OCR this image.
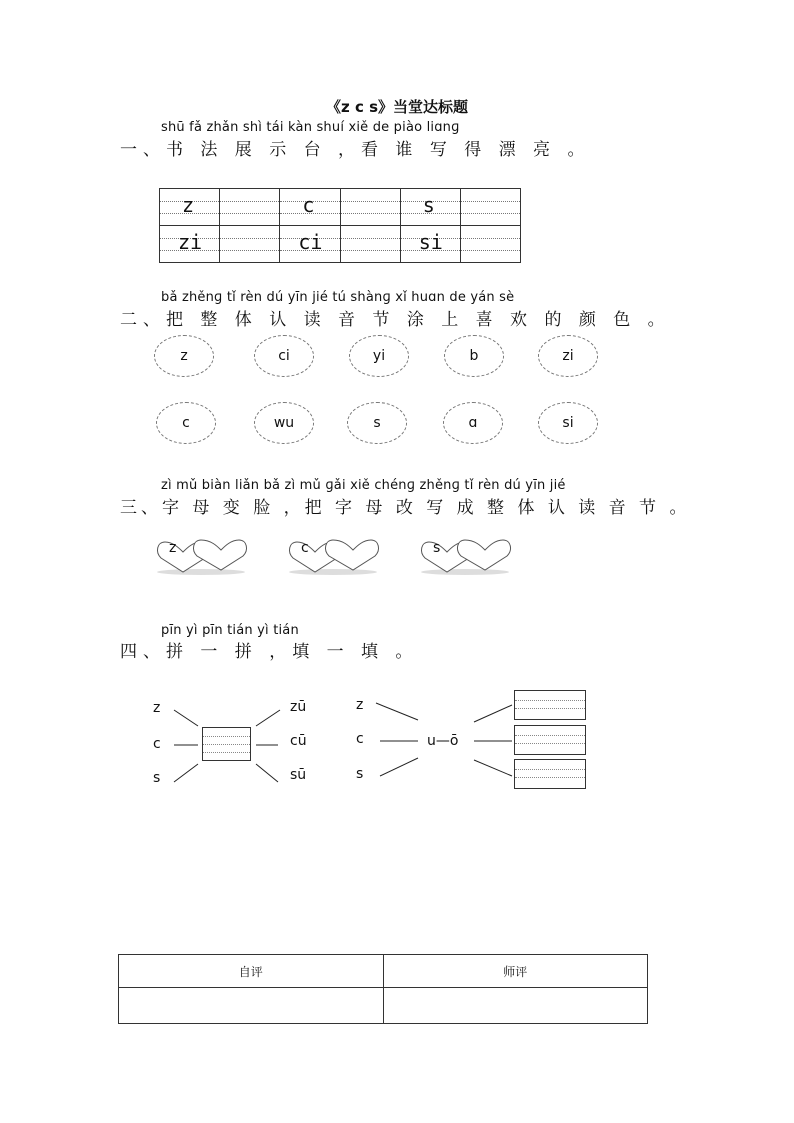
《z c s》当堂达标题
shū fǎ zhǎn shì tái kàn shuí xiě de piào liɑnɡ
一、书 法 展 示 台 ，看 谁 写 得 漂 亮 。
z	c	s
zi	ci	si
bǎ zhěnɡ tǐ rèn dú yīn jié tú shànɡ xǐ huɑn de yán sè
二、把 整 体 认 读 音 节 涂 上 喜 欢 的 颜 色 。
z	ci	yi	b	zi
c	wu	s	ɑ	si
zì mǔ biàn liǎn bǎ zì mǔ ɡǎi xiě chénɡ zhěnɡ tǐ rèn dú yīn jié
三、字 母 变 脸 ，把 字 母 改 写 成 整 体 认 读 音 节 。
z	c	s
pīn yì pīn tián yì tián
四、拼 一 拼 ，填 一 填 。
z
c
s
zū
cū
sū
z
c
s
u—ō
自评	师评
